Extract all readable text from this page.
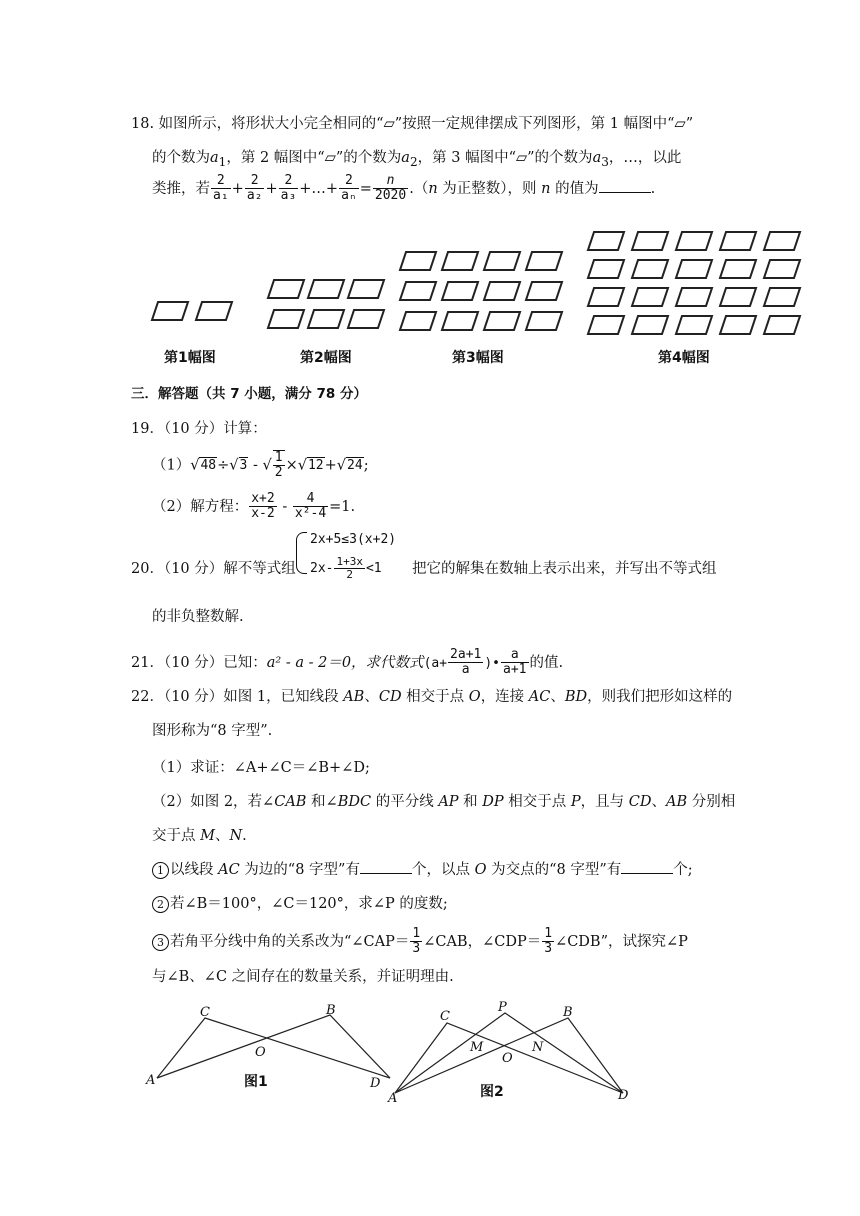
18. 如图所示，将形状大小完全相同的“▱”按照一定规律摆成下列图形，第 1 幅图中“▱”
的个数为$a_1$，第 2 幅图中“▱”的个数为$a_2$，第 3 幅图中“▱”的个数为$a_3$，…，以此
类推，若 $\frac{2}{\text{a₁}} + \frac{2}{\text{a₂}} + \frac{2}{\text{a₃}}$ +…+ $\frac{2}{\text{aₙ}} = \frac{n}{2020} .(n$ 为正整数），则 n 的值为	.
第1幅图	第2幅图	第3幅图	第4幅图
三．解答题（共 7 小题，满分 78 分）
19．（10 分）计算：
（1）√48÷√3 - √ $\frac{1}{2} \times√12+√24$;
（2）解方程： $\frac{x+2}{x-2} - \frac{4}{\text{x²-4}} =1$.
20．（10 分）解不等式组
2x+5≤3(x+2)
$2x- \frac{1+3x}{2} <1$ 把它的解集在数轴上表示出来，并写出不等式组
的非负整数解.
21．（10 分）已知：a² - a - 2＝0，求代数式($a+ \frac{2a+1}{a}$ )• $\frac{a}{a+1}$ 的值.
22．（10 分）如图 1，已知线段 AB、CD 相交于点 O，连接 AC、BD，则我们把形如这样的
图形称为“8 字型”.
（1）求证：∠A+∠C＝∠B+∠D;
（2）如图 2，若∠CAB 和∠BDC 的平分线 AP 和 DP 相交于点 P，且与 CD、AB 分别相
交于点 M、N.
1 以线段 AC 为边的“8 字型”有	个，以点 O 为交点的“8 字型”有	个;
2 若∠B＝100°，∠C＝120°，求∠P 的度数;
3 若角平分线中角的关系改为“∠CAP＝ $\frac{1}{3}$ ∠CAB，∠CDP＝ $\frac{1}{3}$ ∠CDB”，试探究∠P
与∠B、∠C 之间存在的数量关系，并证明理由.
A
C	B
D
O
A
C
P	B
D
M
O
N
图1
图2
